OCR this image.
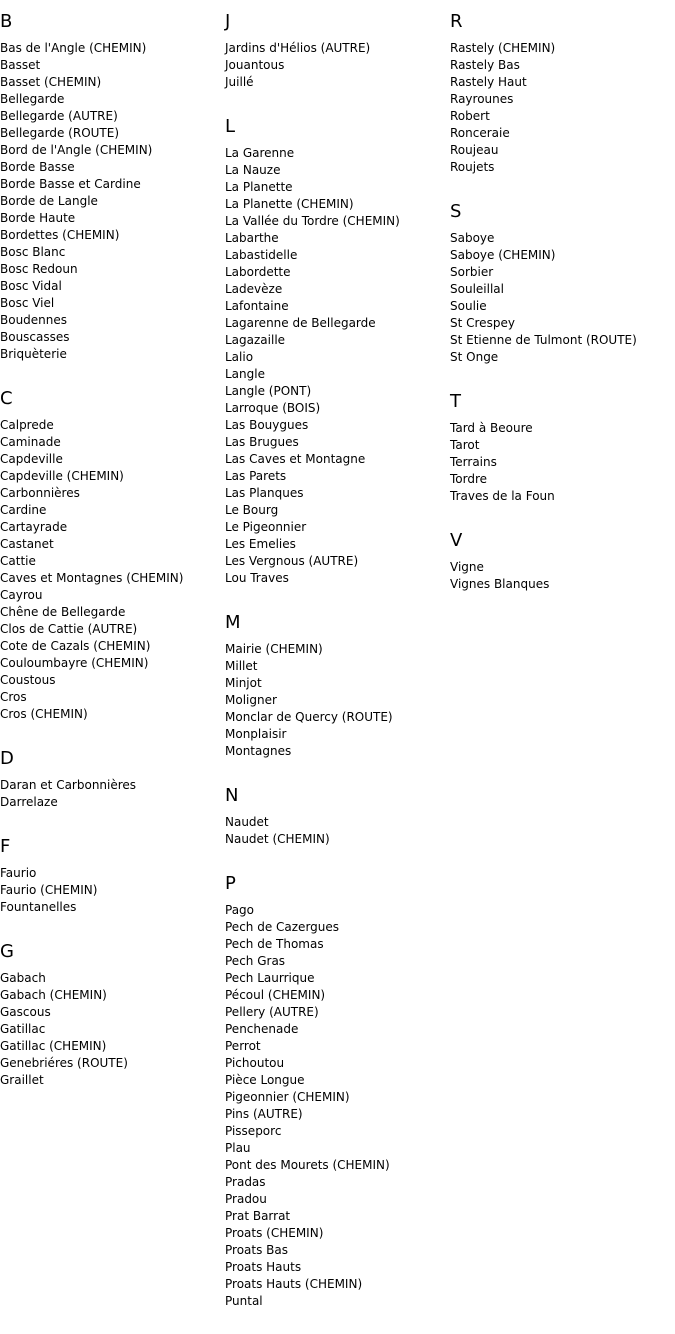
B
Bas de l'Angle (CHEMIN)
Basset
Basset (CHEMIN)
Bellegarde
Bellegarde (AUTRE)
Bellegarde (ROUTE)
Bord de l'Angle (CHEMIN)
Borde Basse
Borde Basse et Cardine
Borde de Langle
Borde Haute
Bordettes (CHEMIN)
Bosc Blanc
Bosc Redoun
Bosc Vidal
Bosc Viel
Boudennes
Bouscasses
Briquèterie
C
Calprede
Caminade
Capdeville
Capdeville (CHEMIN)
Carbonnières
Cardine
Cartayrade
Castanet
Cattie
Caves et Montagnes (CHEMIN)
Cayrou
Chêne de Bellegarde
Clos de Cattie (AUTRE)
Cote de Cazals (CHEMIN)
Couloumbayre (CHEMIN)
Coustous
Cros
Cros (CHEMIN)
D
Daran et Carbonnières
Darrelaze
F
Faurio
Faurio (CHEMIN)
Fountanelles
G
Gabach
Gabach (CHEMIN)
Gascous
Gatillac
Gatillac (CHEMIN)
Genebriéres (ROUTE)
Graillet
J
Jardins d'Hélios (AUTRE)
Jouantous
Juillé
L
La Garenne
La Nauze
La Planette
La Planette (CHEMIN)
La Vallée du Tordre (CHEMIN)
Labarthe
Labastidelle
Labordette
Ladevèze
Lafontaine
Lagarenne de Bellegarde
Lagazaille
Lalio
Langle
Langle (PONT)
Larroque (BOIS)
Las Bouygues
Las Brugues
Las Caves et Montagne
Las Parets
Las Planques
Le Bourg
Le Pigeonnier
Les Emelies
Les Vergnous (AUTRE)
Lou Traves
M
Mairie (CHEMIN)
Millet
Minjot
Moligner
Monclar de Quercy (ROUTE)
Monplaisir
Montagnes
N
Naudet
Naudet (CHEMIN)
P
Pago
Pech de Cazergues
Pech de Thomas
Pech Gras
Pech Laurrique
Pécoul (CHEMIN)
Pellery (AUTRE)
Penchenade
Perrot
Pichoutou
Pièce Longue
Pigeonnier (CHEMIN)
Pins (AUTRE)
Pisseporc
Plau
Pont des Mourets (CHEMIN)
Pradas
Pradou
Prat Barrat
Proats (CHEMIN)
Proats Bas
Proats Hauts
Proats Hauts (CHEMIN)
Puntal
R
Rastely (CHEMIN)
Rastely Bas
Rastely Haut
Rayrounes
Robert
Ronceraie
Roujeau
Roujets
S
Saboye
Saboye (CHEMIN)
Sorbier
Souleillal
Soulie
St Crespey
St Etienne de Tulmont (ROUTE)
St Onge
T
Tard à Beoure
Tarot
Terrains
Tordre
Traves de la Foun
V
Vigne
Vignes Blanques
